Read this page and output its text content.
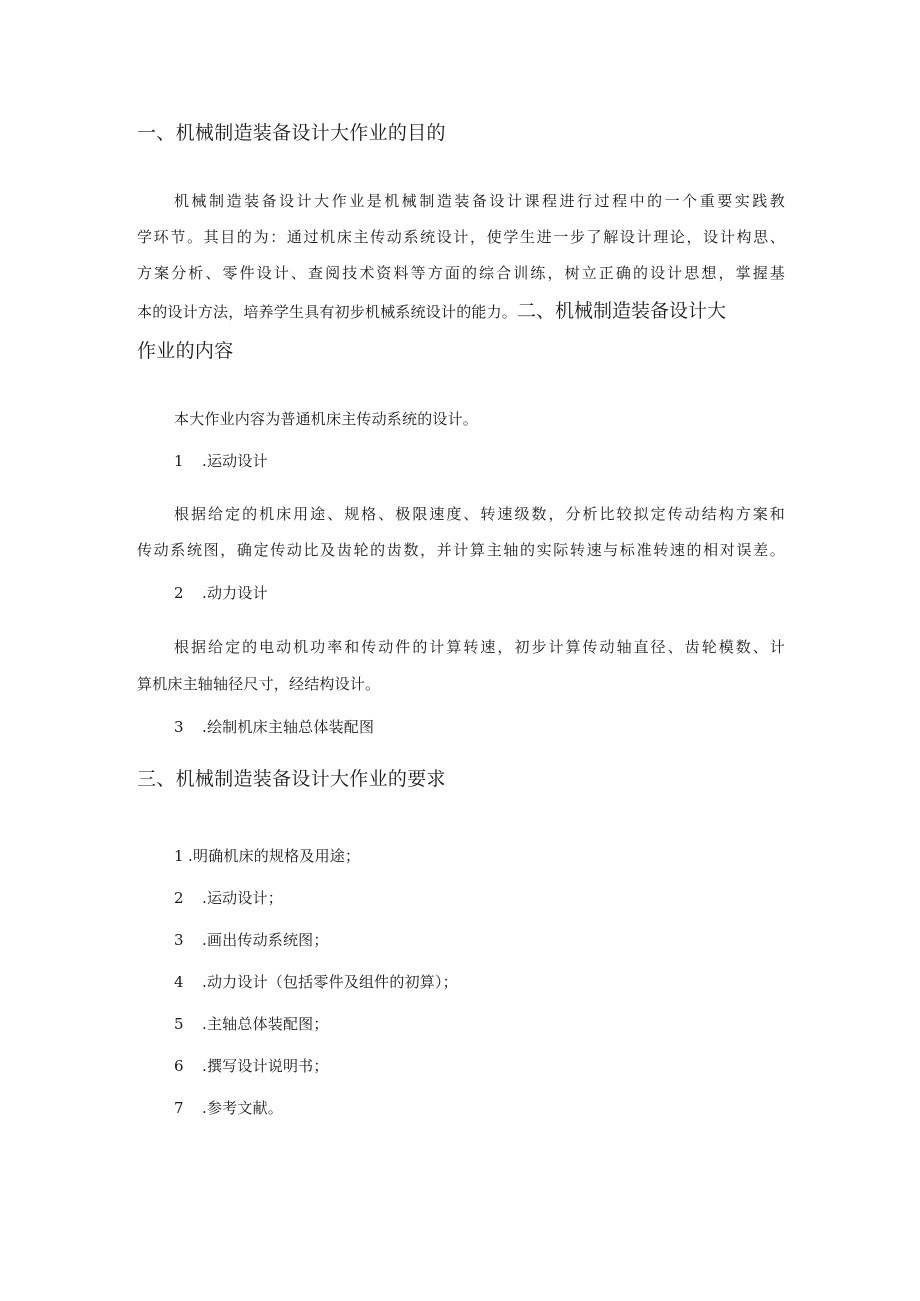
一、机械制造装备设计大作业的目的

机械制造装备设计大作业是机械制造装备设计课程进行过程中的一个重要实践教

学环节。其目的为：通过机床主传动系统设计，使学生进一步了解设计理论，设计构思、

方案分析、零件设计、查阅技术资料等方面的综合训练，树立正确的设计思想，掌握基

本的设计方法，培养学生具有初步机械系统设计的能力。二、机械制造装备设计大

作业的内容

本大作业内容为普通机床主传动系统的设计。

1 .运动设计

根据给定的机床用途、规格、极限速度、转速级数，分析比较拟定传动结构方案和

传动系统图，确定传动比及齿轮的齿数，并计算主轴的实际转速与标准转速的相对误差。

2 .动力设计

根据给定的电动机功率和传动件的计算转速，初步计算传动轴直径、齿轮模数、计

算机床主轴轴径尺寸，经结构设计。

3 .绘制机床主轴总体装配图

三、机械制造装备设计大作业的要求

1 .明确机床的规格及用途；
2 .运动设计；
3 .画出传动系统图；
4 .动力设计（包括零件及组件的初算）；
5 .主轴总体装配图；
6 .撰写设计说明书；
7 .参考文献。
